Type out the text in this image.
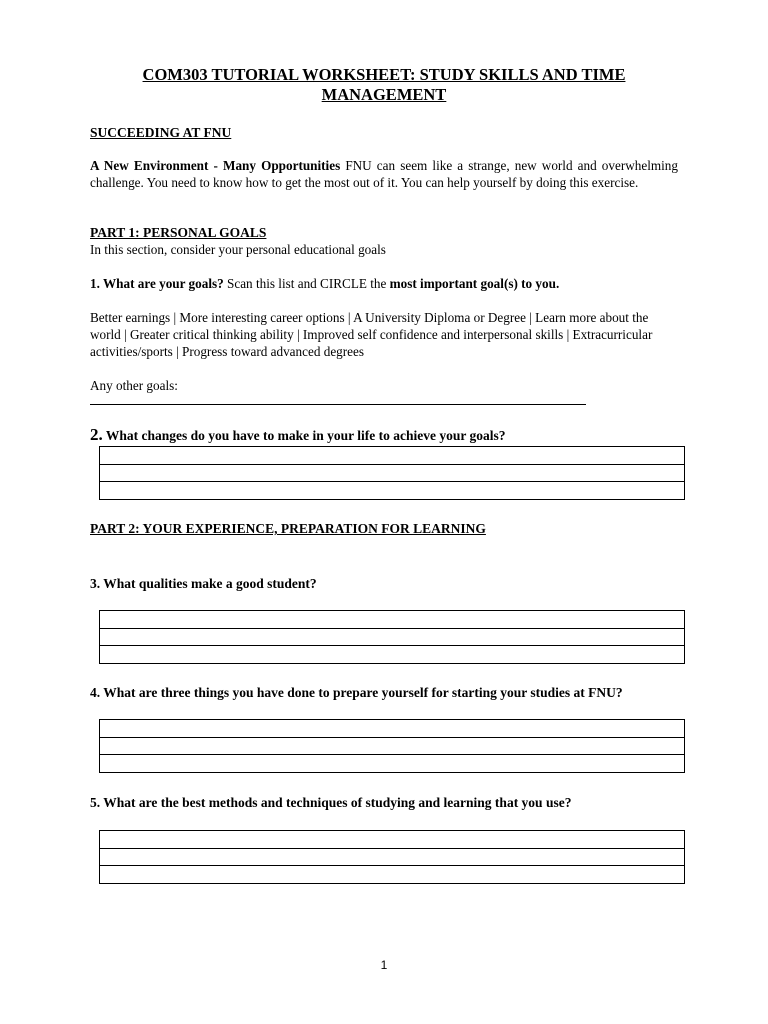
COM303 TUTORIAL WORKSHEET: STUDY SKILLS AND TIME
MANAGEMENT
SUCCEEDING AT FNU
A New Environment - Many Opportunities FNU can seem like a strange, new world and overwhelming challenge. You need to know how to get the most out of it. You can help yourself by doing this exercise.
PART 1: PERSONAL GOALS
In this section, consider your personal educational goals
1. What are your goals? Scan this list and CIRCLE the most important goal(s) to you.
Better earnings | More interesting career options | A University Diploma or Degree | Learn more about the world | Greater critical thinking ability | Improved self confidence and interpersonal skills | Extracurricular activities/sports | Progress toward advanced degrees
Any other goals:
2. What changes do you have to make in your life to achieve your goals?

PART 2: YOUR EXPERIENCE, PREPARATION FOR LEARNING
3. What qualities make a good student?

4. What are three things you have done to prepare yourself for starting your studies at FNU?

5. What are the best methods and techniques of studying and learning that you use?

1
